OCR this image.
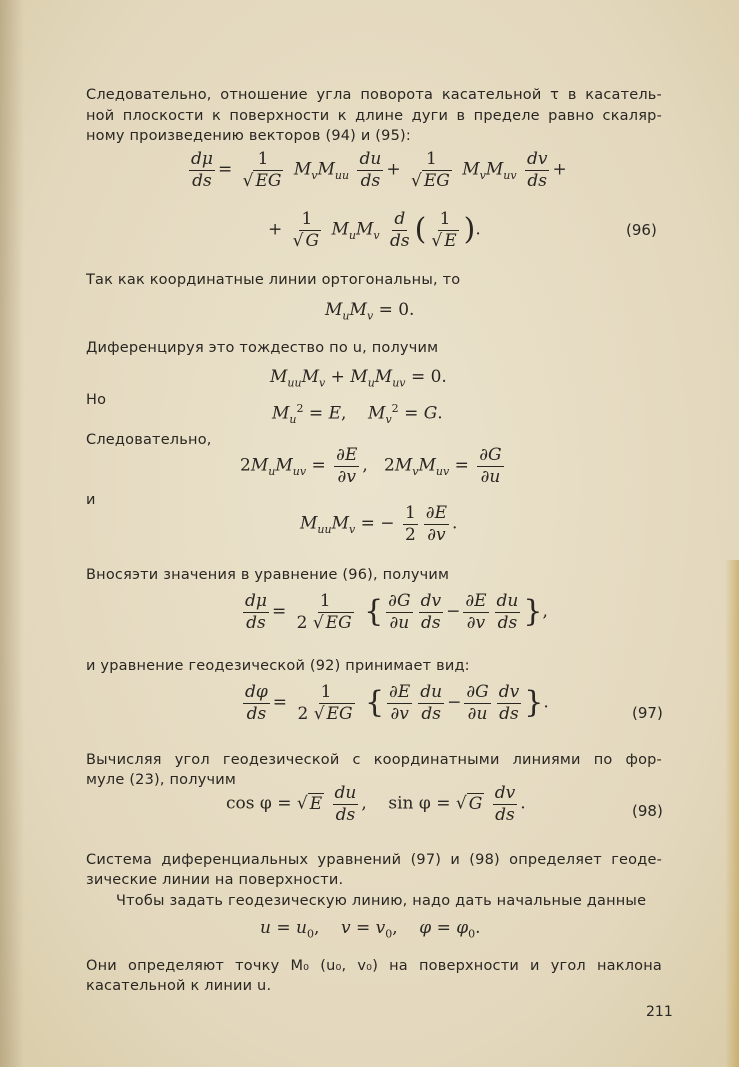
Следовательно, отношение угла поворота касательной τ в касатель-
ной плоскости к поверхности к длине дуги в пределе равно скаляр-
ному произведению векторов (94) и (95):
$\frac{d\mu}{ds} = \frac{1}{√ EG} M_vM_{uu} \frac{du}{ds} + \frac{1}{√ EG} M_vM_{uv} \frac{dv}{ds}$ +
+ $\frac{1}{√ G} M_uM_v \frac{d}{ds}$ ( $\frac{1}{√ E}$ ).	(96)
Так как координатные линии ортогональны, то
$M_uM_v = 0$.
Диференцируя это тождество по u, получим
$M_{uu}M_v + M_uM_{uv} = 0$.
Но
$M_u^2 = E$,    $M_v^2 = G$.
Следовательно,
$2M_uM_{uv} = \frac{\partial E}{\partial v}$ , $2M_vM_{uv} = \frac{\partial G}{\partial u}$
и
$M_{uu}M_v$ = − $\frac{1}{2} \frac{\partial E}{\partial v}$ .
Вносяэти значения в уравнение (96), получим
$\frac{d\mu}{ds} = \frac{1}{2 √ EG}$ { $\frac{\partial G}{\partial u} \frac{dv}{ds} - \frac{\partial E}{\partial v} \frac{du}{ds}$ },
и уравнение геодезической (92) принимает вид:
$\frac{d\varphi}{ds} = \frac{1}{2 √ EG}$ { $\frac{\partial E}{\partial v} \frac{du}{ds} - \frac{\partial G}{\partial u} \frac{dv}{ds}$ }.
(97)
Вычисляя угол геодезической с координатными линиями по фор-
муле (23), получим
cos φ = √ E $\frac{du}{ds}$ , sin φ = √ G $\frac{dv}{ds}$ .	(98)
Система диференциальных уравнений (97) и (98) определяет геоде-
зические линии на поверхности.
Чтобы задать геодезическую линию, надо дать начальные данные
$u = u_0$,    $v = v_0$,    $\varphi = \varphi_0$.
Они определяют точку M₀ (u₀, v₀) на поверхности и угол наклона
касательной к линии u.
211
